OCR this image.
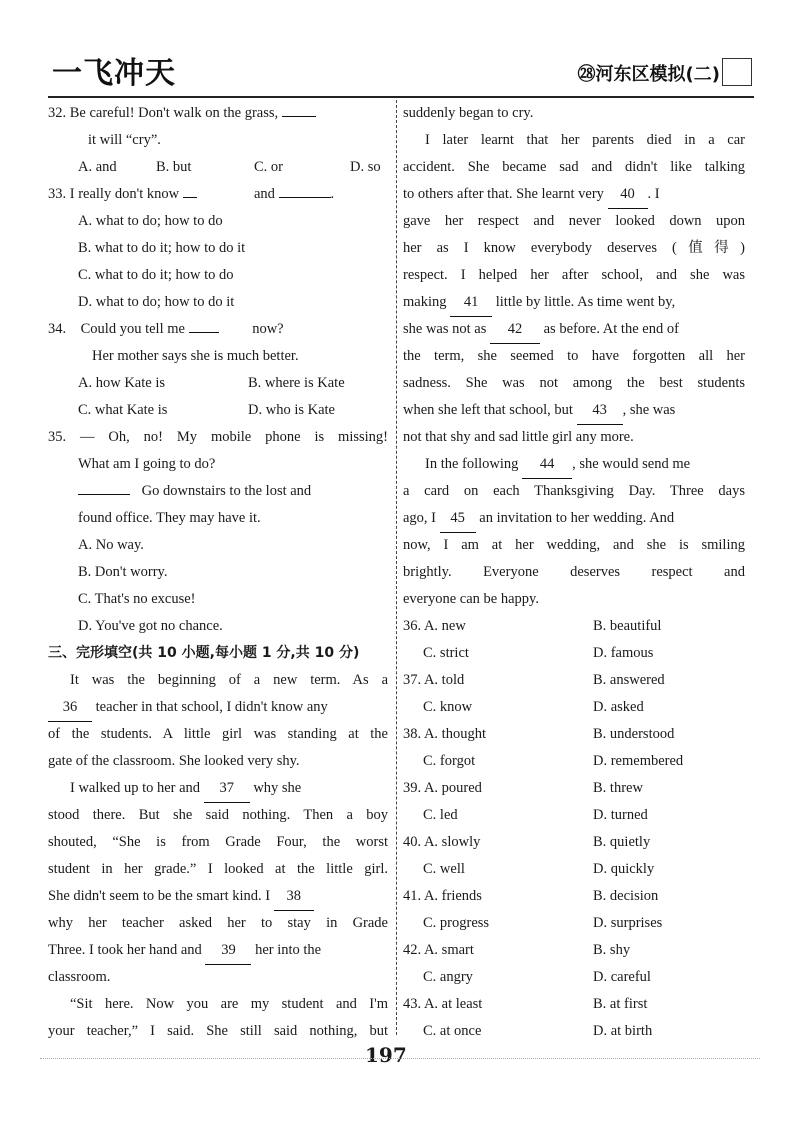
一飞冲天	㉘河东区模拟(二)
32. Be careful! Don't walk on the grass,
it will “cry”.
A. and	B. but	C. or	D. so
33. I really don't know	and	.
A. what to do; how to do
B. what to do it; how to do it
C. what to do it; how to do
D. what to do; how to do it
34.　Could you tell me	now?
Her mother says she is much better.
A. how Kate is	B. where is Kate
C. what Kate is	D. who is Kate
35. — Oh, no! My mobile phone is missing!
What am I going to do?
Go downstairs to the lost and
found office. They may have it.
A. No way.
B. Don't worry.
C. That's no excuse!
D. You've got no chance.
三、完形填空(共 10 小题,每小题 1 分,共 10 分)
It was the beginning of a new term. As a
36 teacher in that school, I didn't know any
of the students. A little girl was standing at the
gate of the classroom. She looked very shy.
I walked up to her and 37 why she
stood there. But she said nothing. Then a boy
shouted, “She is from Grade Four, the worst
student in her grade.” I looked at the little girl.
She didn't seem to be the smart kind. I 38
why her teacher asked her to stay in Grade
Three. I took her hand and 39 her into the
classroom.
“Sit here. Now you are my student and I'm
your teacher,” I said. She still said nothing, but
suddenly began to cry.
I later learnt that her parents died in a car
accident. She became sad and didn't like talking
to others after that. She learnt very 40 . I
gave her respect and never looked down upon
her as I know everybody deserves (值得)
respect. I helped her after school, and she was
making 41 little by little. As time went by,
she was not as 42 as before. At the end of
the term, she seemed to have forgotten all her
sadness. She was not among the best students
when she left that school, but 43 , she was
not that shy and sad little girl any more.
In the following 44 , she would send me
a card on each Thanksgiving Day. Three days
ago, I 45 an invitation to her wedding. And
now, I am at her wedding, and she is smiling
brightly. Everyone deserves respect and
everyone can be happy.
36. A. new	B. beautiful
C. strict	D. famous
37. A. told	B. answered
C. know	D. asked
38. A. thought	B. understood
C. forgot	D. remembered
39. A. poured	B. threw
C. led	D. turned
40. A. slowly	B. quietly
C. well	D. quickly
41. A. friends	B. decision
C. progress	D. surprises
42. A. smart	B. shy
C. angry	D. careful
43. A. at least	B. at first
C. at once	D. at birth
197
